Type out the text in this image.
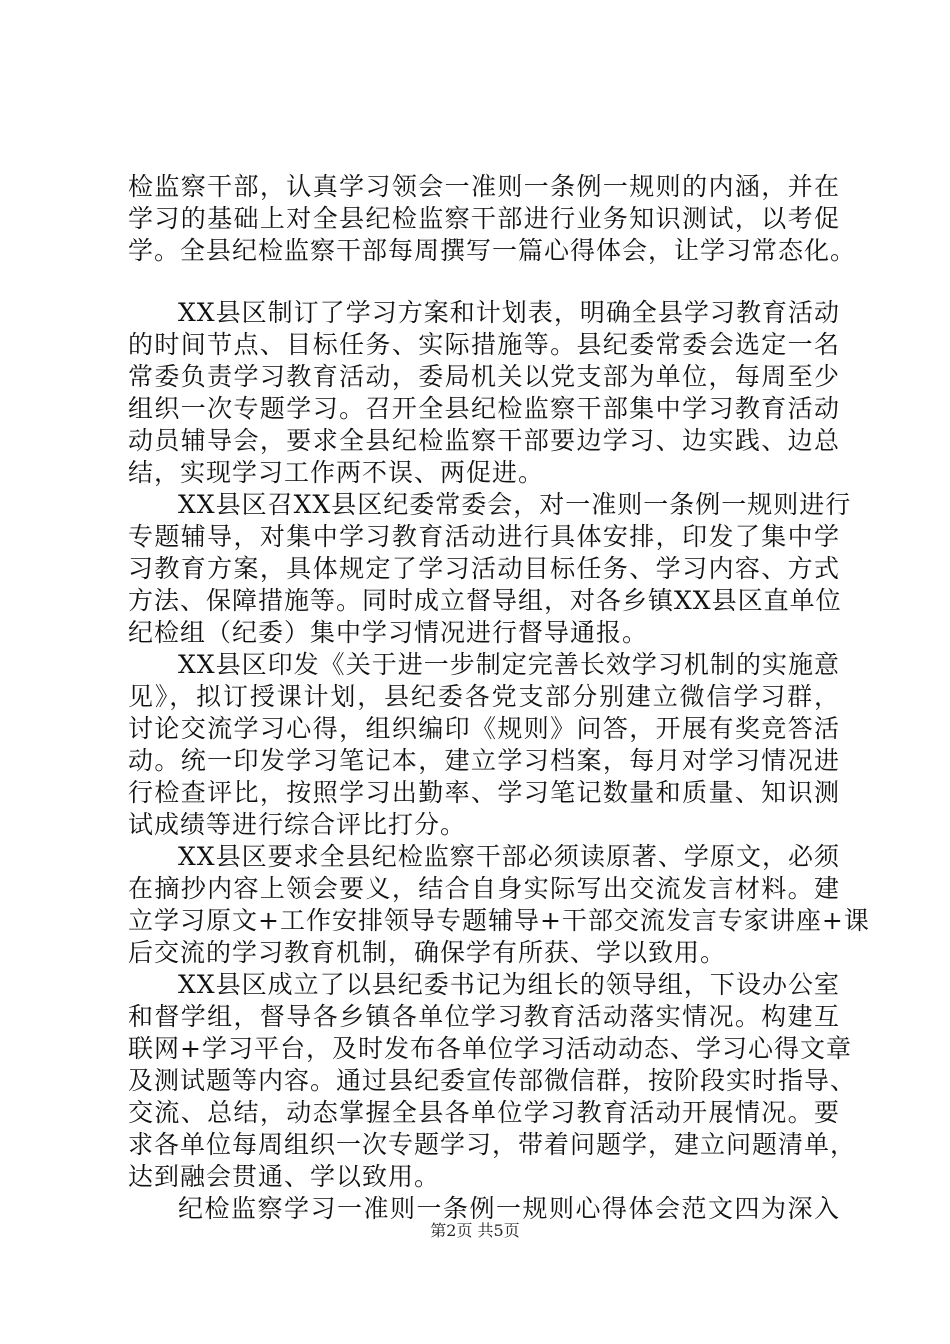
检监察干部，认真学习领会一准则一条例一规则的内涵，并在
学习的基础上对全县纪检监察干部进行业务知识测试，以考促
学。全县纪检监察干部每周撰写一篇心得体会，让学习常态化。
XX县区制订了学习方案和计划表，明确全县学习教育活动
的时间节点、目标任务、实际措施等。县纪委常委会选定一名
常委负责学习教育活动，委局机关以党支部为单位，每周至少
组织一次专题学习。召开全县纪检监察干部集中学习教育活动
动员辅导会，要求全县纪检监察干部要边学习、边实践、边总
结，实现学习工作两不误、两促进。
XX县区召XX县区纪委常委会，对一准则一条例一规则进行
专题辅导，对集中学习教育活动进行具体安排，印发了集中学
习教育方案，具体规定了学习活动目标任务、学习内容、方式
方法、保障措施等。同时成立督导组，对各乡镇XX县区直单位
纪检组（纪委）集中学习情况进行督导通报。
XX县区印发《关于进一步制定完善长效学习机制的实施意
见》，拟订授课计划，县纪委各党支部分别建立微信学习群，
讨论交流学习心得，组织编印《规则》问答，开展有奖竞答活
动。统一印发学习笔记本，建立学习档案，每月对学习情况进
行检查评比，按照学习出勤率、学习笔记数量和质量、知识测
试成绩等进行综合评比打分。
XX县区要求全县纪检监察干部必须读原著、学原文，必须
在摘抄内容上领会要义，结合自身实际写出交流发言材料。建
立学习原文+工作安排领导专题辅导+干部交流发言专家讲座+课
后交流的学习教育机制，确保学有所获、学以致用。
XX县区成立了以县纪委书记为组长的领导组，下设办公室
和督学组，督导各乡镇各单位学习教育活动落实情况。构建互
联网+学习平台，及时发布各单位学习活动动态、学习心得文章
及测试题等内容。通过县纪委宣传部微信群，按阶段实时指导、
交流、总结，动态掌握全县各单位学习教育活动开展情况。要
求各单位每周组织一次专题学习，带着问题学，建立问题清单，
达到融会贯通、学以致用。
纪检监察学习一准则一条例一规则心得体会范文四为深入
第2页 共5页
